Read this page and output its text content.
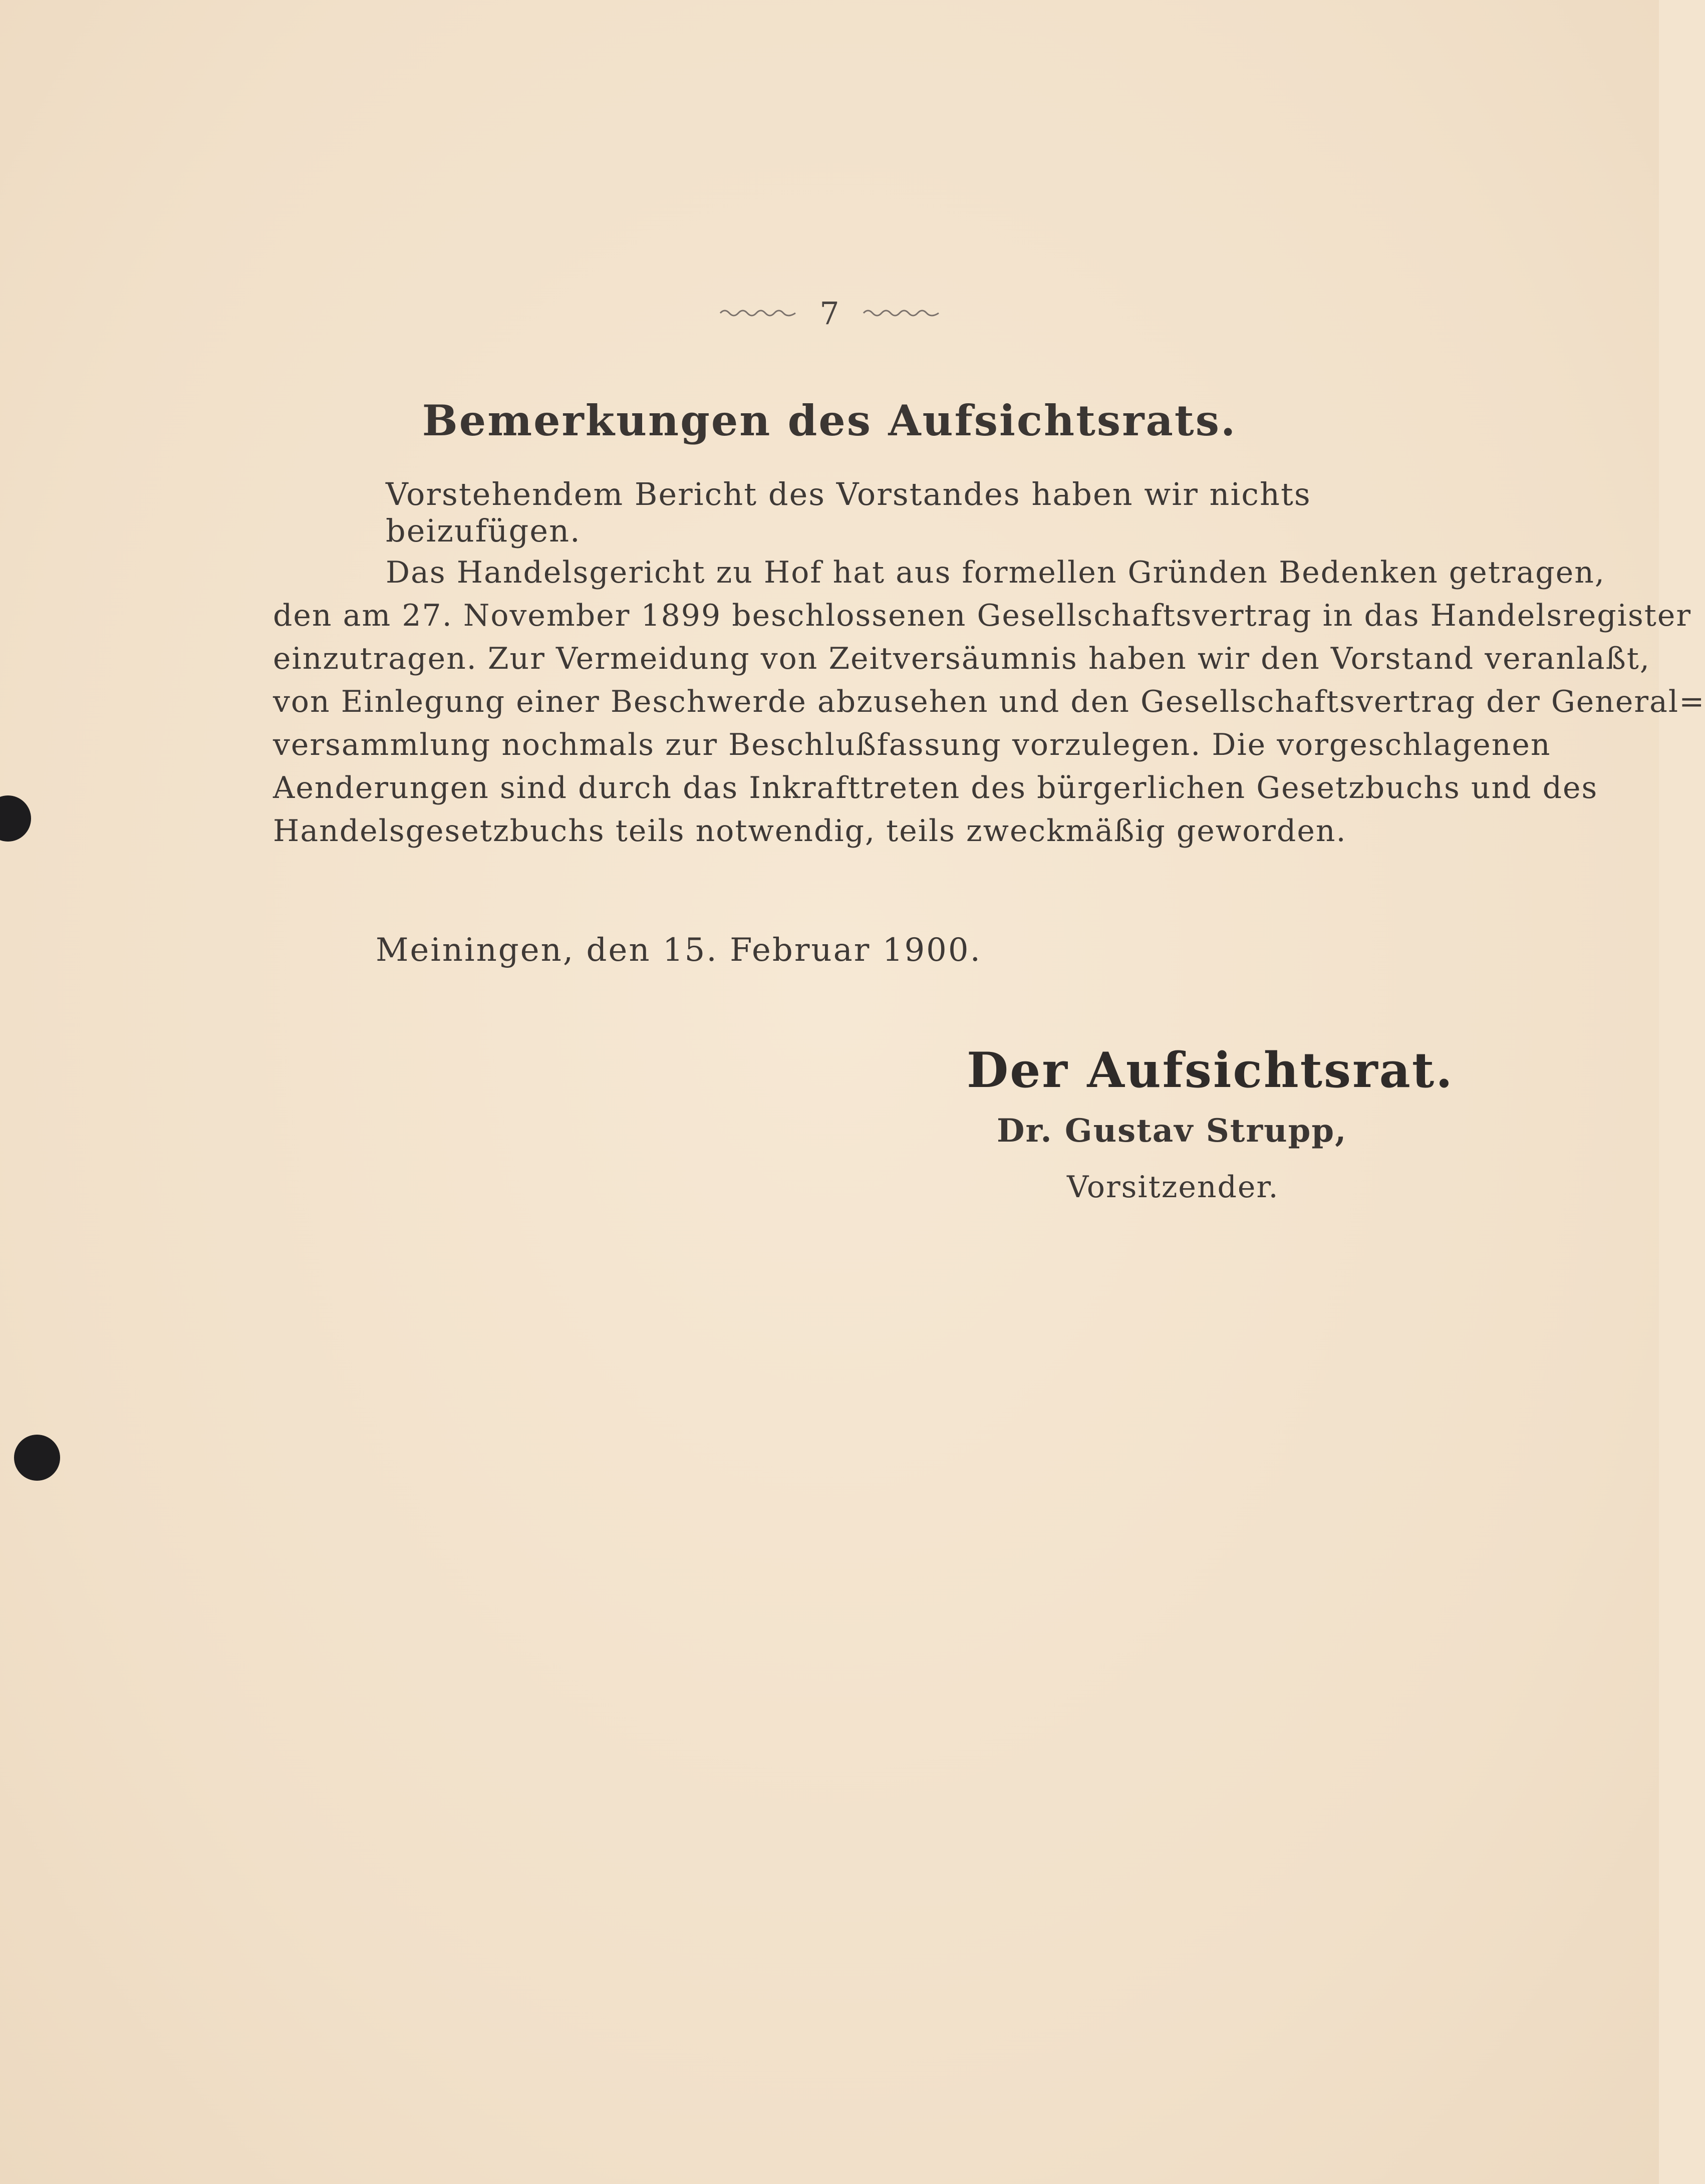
7
Bemerkungen des Aufsichtsrats.
Vorstehendem Bericht des Vorstandes haben wir nichts beizufügen.
Das Handelsgericht zu Hof hat aus formellen Gründen Bedenken getragen,
den am 27. November 1899 beschlossenen Gesellschaftsvertrag in das Handelsregister
einzutragen. Zur Vermeidung von Zeitversäumnis haben wir den Vorstand veranlaßt,
von Einlegung einer Beschwerde abzusehen und den Gesellschaftsvertrag der General=
versammlung nochmals zur Beschlußfassung vorzulegen. Die vorgeschlagenen
Aenderungen sind durch das Inkrafttreten des bürgerlichen Gesetzbuchs und des
Handelsgesetzbuchs teils notwendig, teils zweckmäßig geworden.
Meiningen, den 15. Februar 1900.
Der Aufsichtsrat.
Dr. Gustav Strupp,
Vorsitzender.
